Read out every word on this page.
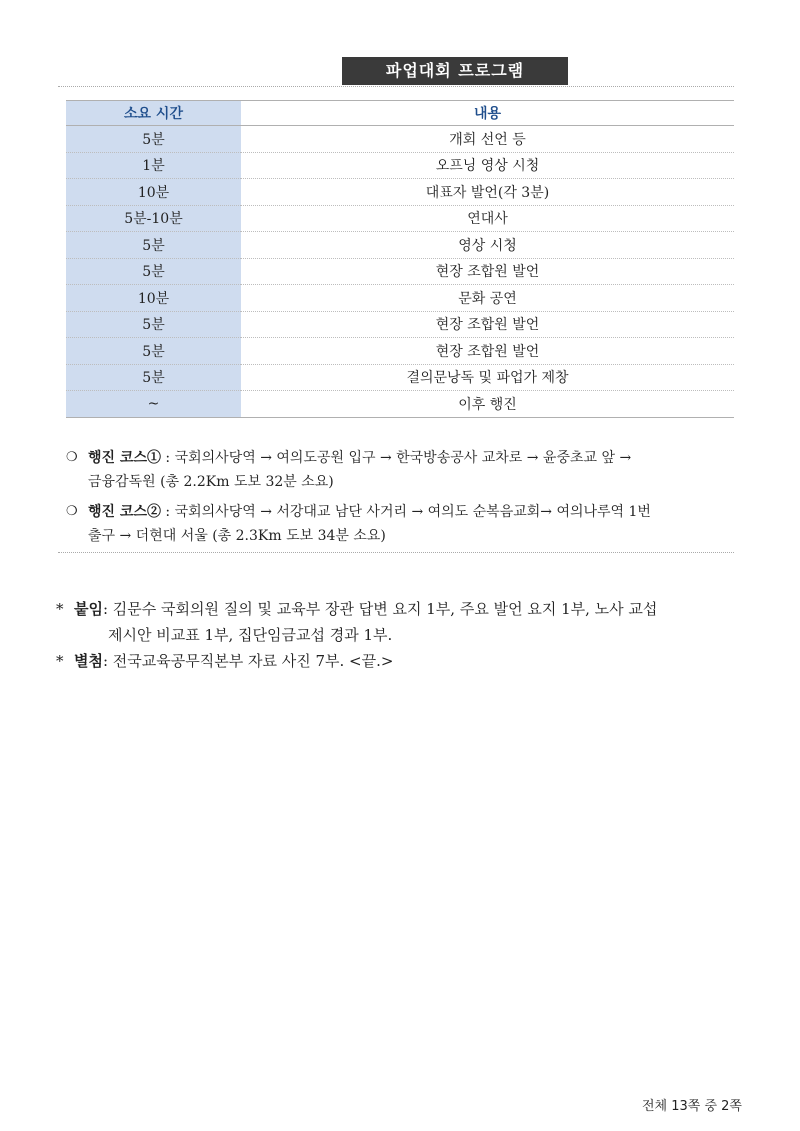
파업대회 프로그램
소요 시간	내용
5분	개회 선언 등
1분	오프닝 영상 시청
10분	대표자 발언(각 3분)
5분-10분	연대사
5분	영상 시청
5분	현장 조합원 발언
10분	문화 공연
5분	현장 조합원 발언
5분	현장 조합원 발언
5분	결의문낭독 및 파업가 제창
~	이후 행진
❍ 행진 코스① : 국회의사당역 → 여의도공원 입구 → 한국방송공사 교차로 → 윤중초교 앞 →
금융감독원 (총 2.2Km 도보 32분 소요)
❍ 행진 코스② : 국회의사당역 → 서강대교 남단 사거리 → 여의도 순복음교회→ 여의나루역 1번
출구 → 더현대 서울 (총 2.3Km 도보 34분 소요)
* 붙임: 김문수 국회의원 질의 및 교육부 장관 답변 요지 1부, 주요 발언 요지 1부, 노사 교섭
제시안 비교표 1부, 집단임금교섭 경과 1부.
* 별첨: 전국교육공무직본부 자료 사진 7부. <끝.>
전체 13쪽 중 2쪽
